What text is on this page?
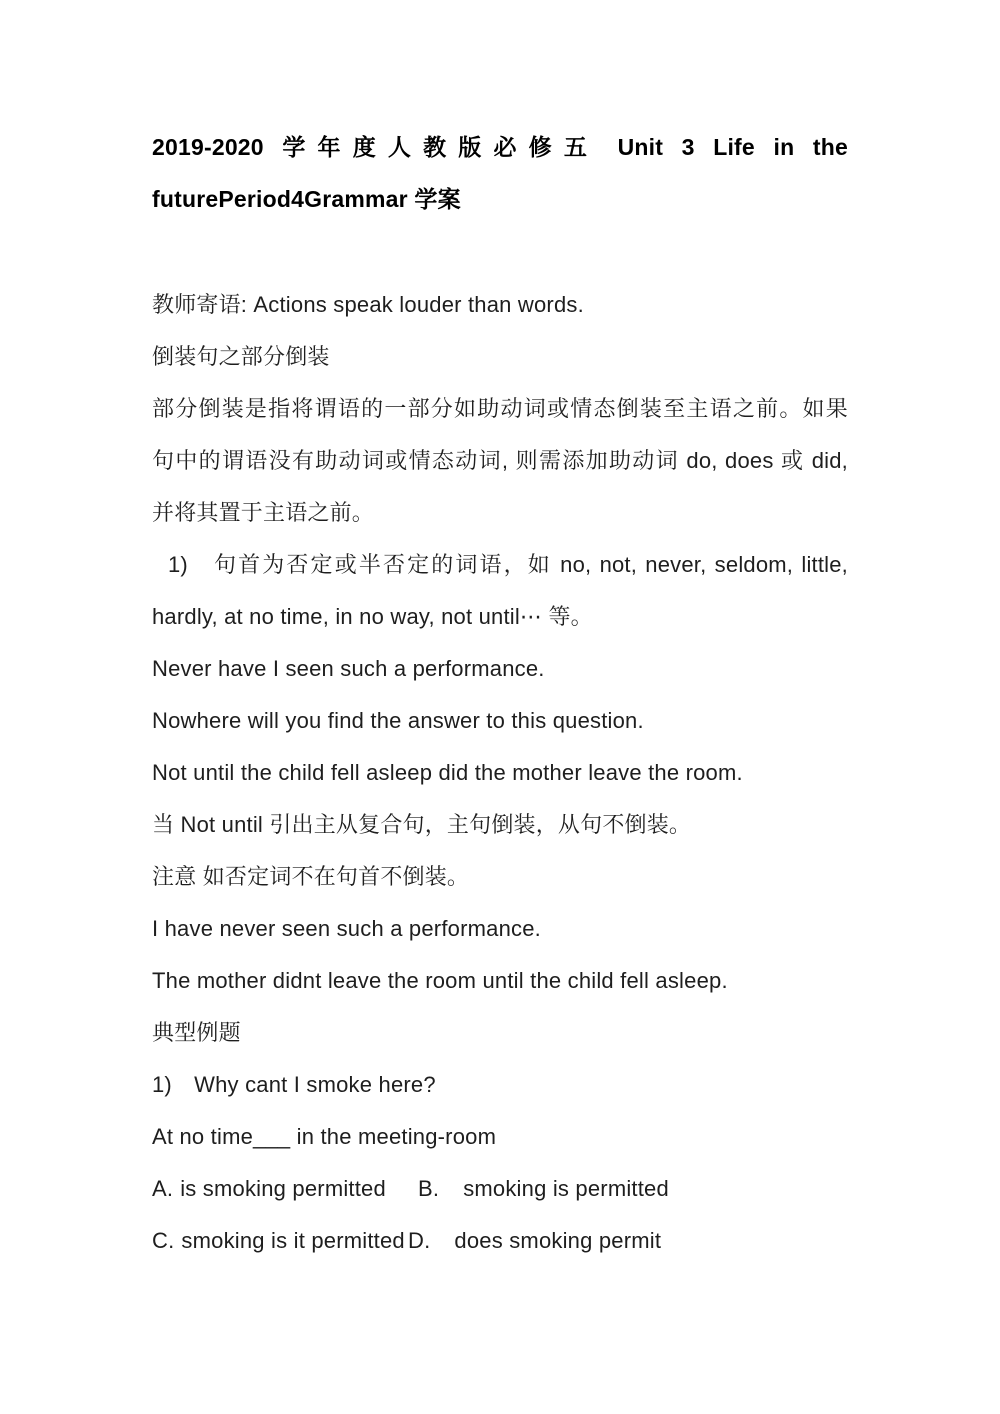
2019-2020 学年度人教版必修五 Unit 3 Life in the
futurePeriod4Grammar 学案
教师寄语: Actions speak louder than words.
倒装句之部分倒装
部分倒装是指将谓语的一部分如助动词或情态倒装至主语之前。如果
句中的谓语没有助动词或情态动词, 则需添加助动词 do, does 或 did,
并将其置于主语之前。
1)　句首为否定或半否定的词语，如 no, not, never, seldom, little,
hardly, at no time, in no way, not until⋯ 等。
Never have I seen such a performance.
Nowhere will you find the answer to this question.
Not until the child fell asleep did the mother leave the room.
当 Not until 引出主从复合句，主句倒装，从句不倒装。
注意 如否定词不在句首不倒装。
I have never seen such a performance.
The mother didnt leave the room until the child fell asleep.
典型例题
1)　Why cant I smoke here?
At no time___ in the meeting-room
A. is smoking permitted	B. smoking is permitted
C. smoking is it permitted D. does smoking permit
